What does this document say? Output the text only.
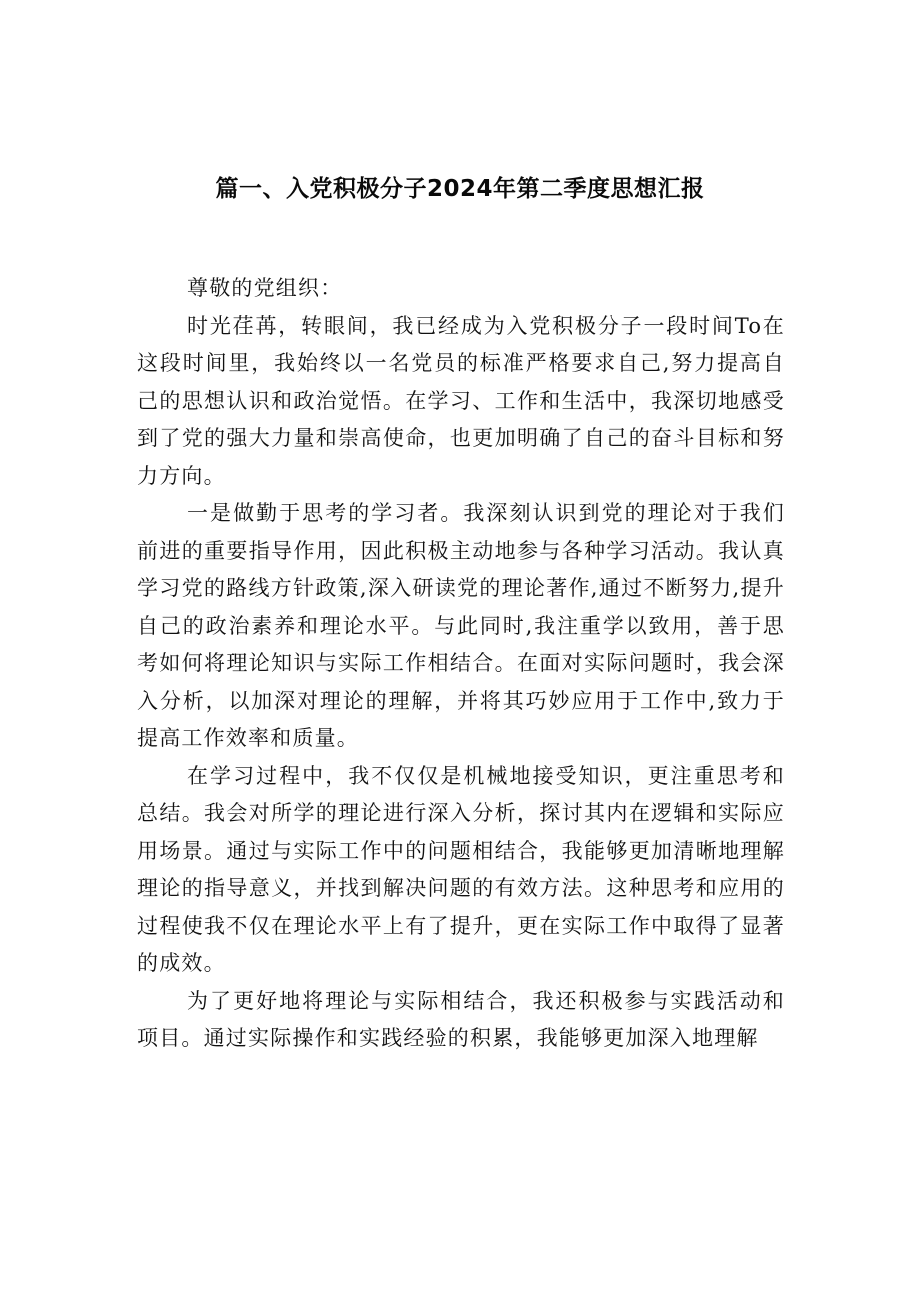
篇一、入党积极分子2024年第二季度思想汇报

尊敬的党组织：

时光荏苒，转眼间，我已经成为入党积极分子一段时间To在这段时间里，我始终以一名党员的标准严格要求自己,努力提高自己的思想认识和政治觉悟。在学习、工作和生活中，我深切地感受到了党的强大力量和崇高使命，也更加明确了自己的奋斗目标和努力方向。

一是做勤于思考的学习者。我深刻认识到党的理论对于我们前进的重要指导作用，因此积极主动地参与各种学习活动。我认真学习党的路线方针政策,深入研读党的理论著作,通过不断努力,提升自己的政治素养和理论水平。与此同时,我注重学以致用，善于思考如何将理论知识与实际工作相结合。在面对实际问题时，我会深入分析，以加深对理论的理解，并将其巧妙应用于工作中,致力于提高工作效率和质量。

在学习过程中，我不仅仅是机械地接受知识，更注重思考和总结。我会对所学的理论进行深入分析，探讨其内在逻辑和实际应用场景。通过与实际工作中的问题相结合，我能够更加清晰地理解理论的指导意义，并找到解决问题的有效方法。这种思考和应用的过程使我不仅在理论水平上有了提升，更在实际工作中取得了显著的成效。

为了更好地将理论与实际相结合，我还积极参与实践活动和项目。通过实际操作和实践经验的积累，我能够更加深入地理解
